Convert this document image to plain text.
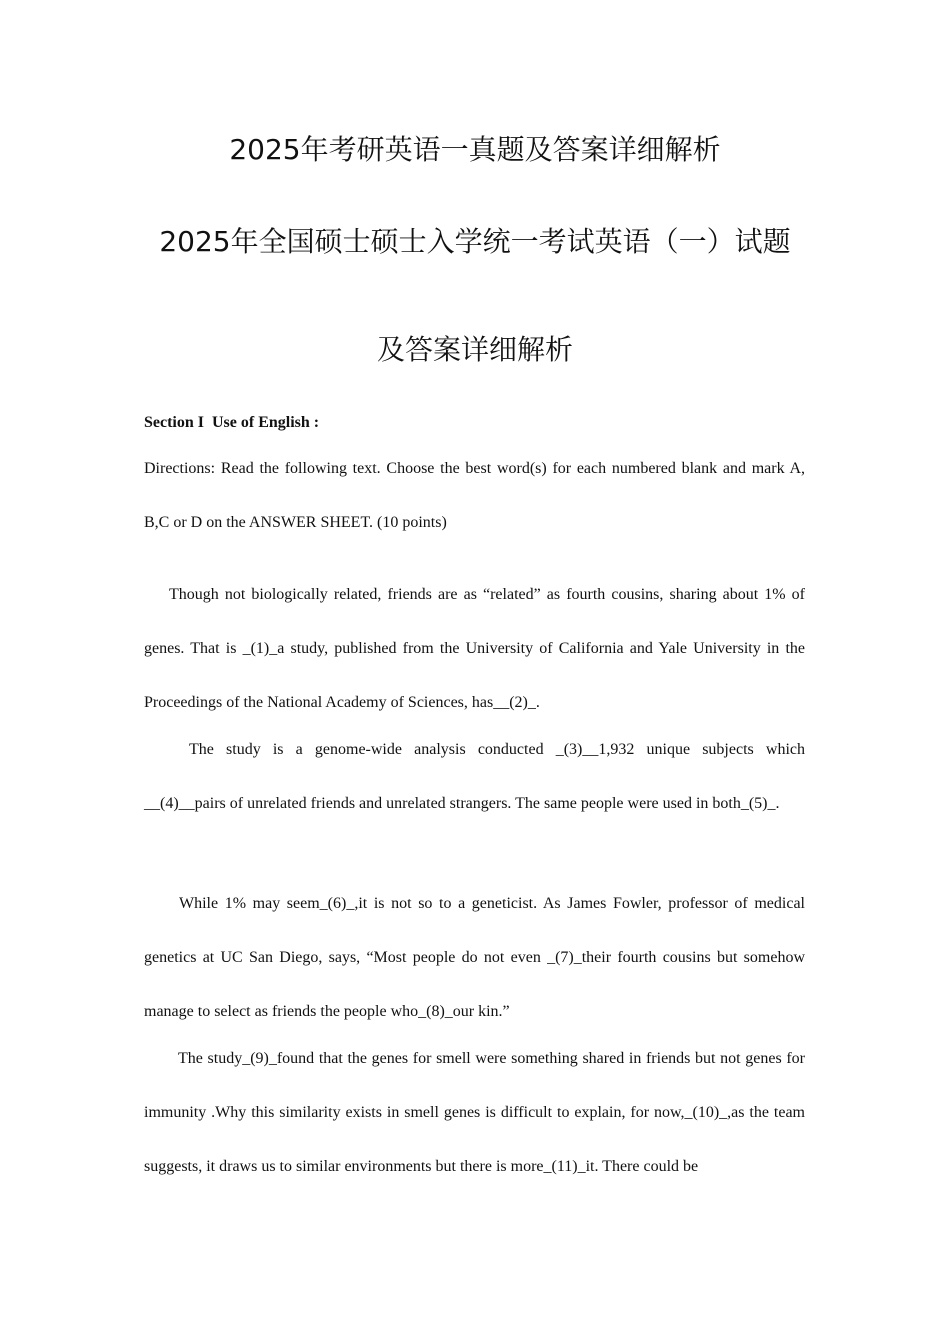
2025年考研英语一真题及答案详细解析
2025年全国硕士硕士入学统一考试英语（一）试题
及答案详细解析
Section I  Use of English :

Directions: Read the following text. Choose the best word(s) for each numbered blank and mark A, B,C or D on the ANSWER SHEET. (10 points)

Though not biologically related, friends are as “related” as fourth cousins, sharing about 1% of genes. That is _(1)_a study, published from the University of California and Yale University in the Proceedings of the National Academy of Sciences, has__(2)_.

The study is a genome-wide analysis conducted _(3)__1,932 unique subjects which __(4)__pairs of unrelated friends and unrelated strangers. The same people were used in both_(5)_.

While 1% may seem_(6)_,it is not so to a geneticist. As James Fowler, professor of medical genetics at UC San Diego, says, “Most people do not even _(7)_their fourth cousins but somehow manage to select as friends the people who_(8)_our kin.”

The study_(9)_found that the genes for smell were something shared in friends but not genes for immunity .Why this similarity exists in smell genes is difficult to explain, for now,_(10)_,as the team suggests, it draws us to similar environments but there is more_(11)_it. There could be
